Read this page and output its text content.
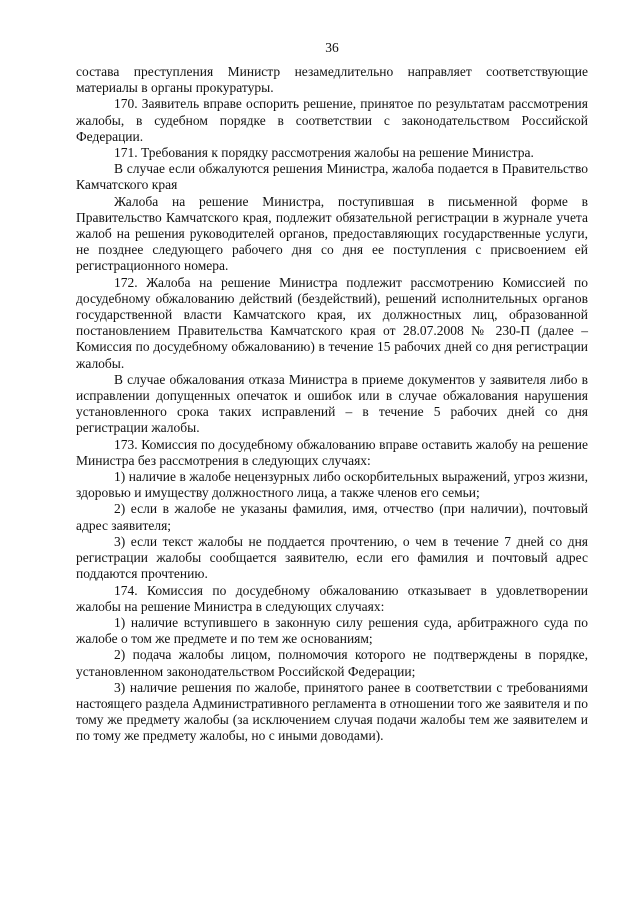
36

состава преступления Министр незамедлительно направляет соответствующие материалы в органы прокуратуры.

170. Заявитель вправе оспорить решение, принятое по результатам рассмотрения жалобы, в судебном порядке в соответствии с законодательством Российской Федерации.

171. Требования к порядку рассмотрения жалобы на решение Министра.

В случае если обжалуются решения Министра, жалоба подается в Правительство Камчатского края

Жалоба на решение Министра, поступившая в письменной форме в Правительство Камчатского края, подлежит обязательной регистрации в журнале учета жалоб на решения руководителей органов, предоставляющих государственные услуги, не позднее следующего рабочего дня со дня ее поступления с присвоением ей регистрационного номера.

172. Жалоба на решение Министра подлежит рассмотрению Комиссией по досудебному обжалованию действий (бездействий), решений исполнительных органов государственной власти Камчатского края, их должностных лиц, образованной постановлением Правительства Камчатского края от 28.07.2008 № 230-П (далее – Комиссия по досудебному обжалованию) в течение 15 рабочих дней со дня регистрации жалобы.

В случае обжалования отказа Министра в приеме документов у заявителя либо в исправлении допущенных опечаток и ошибок или в случае обжалования нарушения установленного срока таких исправлений – в течение 5 рабочих дней со дня регистрации жалобы.

173. Комиссия по досудебному обжалованию вправе оставить жалобу на решение Министра без рассмотрения в следующих случаях:

1) наличие в жалобе нецензурных либо оскорбительных выражений, угроз жизни, здоровью и имуществу должностного лица, а также членов его семьи;

2) если в жалобе не указаны фамилия, имя, отчество (при наличии), почтовый адрес заявителя;

3) если текст жалобы не поддается прочтению, о чем в течение 7 дней со дня регистрации жалобы сообщается заявителю, если его фамилия и почтовый адрес поддаются прочтению.

174. Комиссия по досудебному обжалованию отказывает в удовлетворении жалобы на решение Министра в следующих случаях:

1) наличие вступившего в законную силу решения суда, арбитражного суда по жалобе о том же предмете и по тем же основаниям;

2) подача жалобы лицом, полномочия которого не подтверждены в порядке, установленном законодательством Российской Федерации;

3) наличие решения по жалобе, принятого ранее в соответствии с требованиями настоящего раздела Административного регламента в отношении того же заявителя и по тому же предмету жалобы (за исключением случая подачи жалобы тем же заявителем и по тому же предмету жалобы, но с иными доводами).
